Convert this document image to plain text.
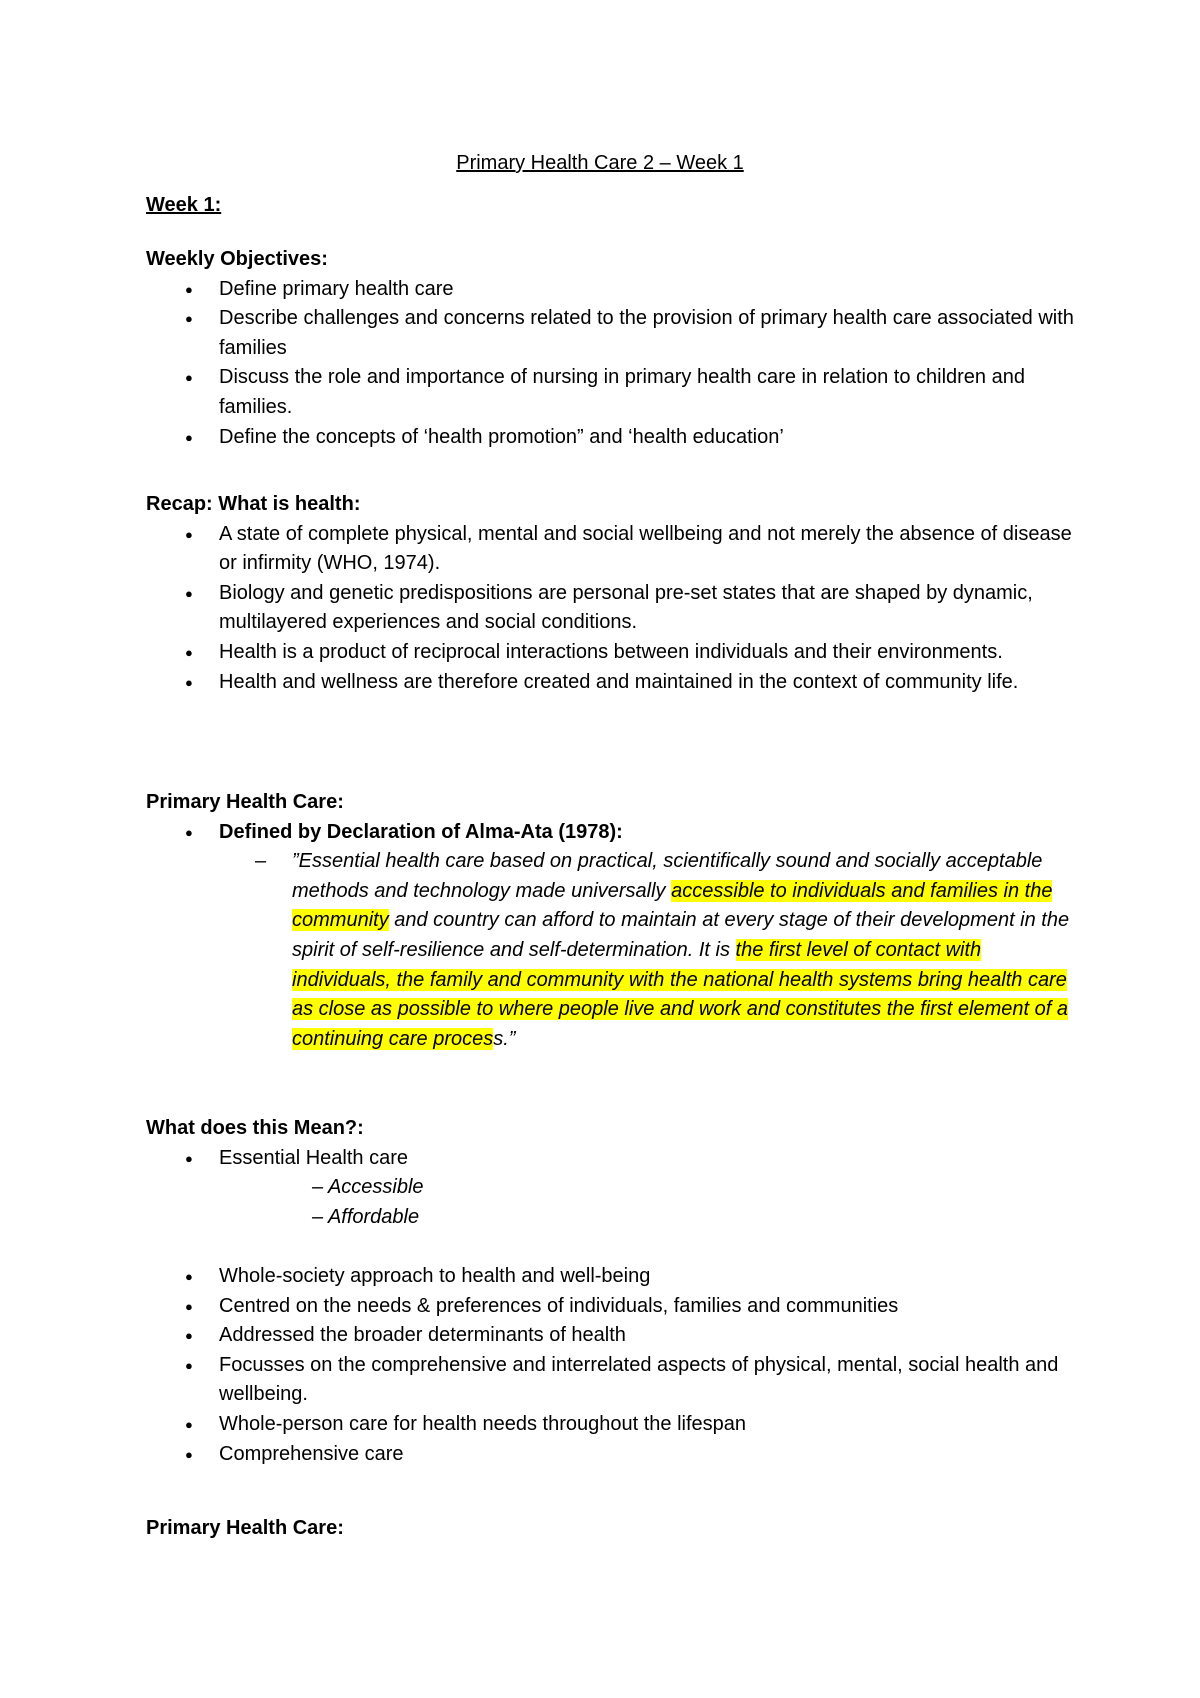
Primary Health Care 2 – Week 1

Week 1:

Weekly Objectives:

● Define primary health care
● Describe challenges and concerns related to the provision of primary health care associated with families
● Discuss the role and importance of nursing in primary health care in relation to children and families.
● Define the concepts of ‘health promotion” and ‘health education’

Recap: What is health:

● A state of complete physical, mental and social wellbeing and not merely the absence of disease or infirmity (WHO, 1974).
● Biology and genetic predispositions are personal pre-set states that are shaped by dynamic, multilayered experiences and social conditions.
● Health is a product of reciprocal interactions between individuals and their environments.
● Health and wellness are therefore created and maintained in the context of community life.

Primary Health Care:

● Defined by Declaration of Alma-Ata (1978):
– ”Essential health care based on practical, scientifically sound and socially acceptable methods and technology made universally accessible to individuals and families in the community and country can afford to maintain at every stage of their development in the spirit of self-resilience and self-determination. It is the first level of contact with individuals, the family and community with the national health systems bring health care as close as possible to where people live and work and constitutes the first element of a continuing care process.”

What does this Mean?:

● Essential Health care
– Accessible
– Affordable
● Whole-society approach to health and well-being
● Centred on the needs & preferences of individuals, families and communities
● Addressed the broader determinants of health
● Focusses on the comprehensive and interrelated aspects of physical, mental, social health and wellbeing.
● Whole-person care for health needs throughout the lifespan
● Comprehensive care

Primary Health Care:
